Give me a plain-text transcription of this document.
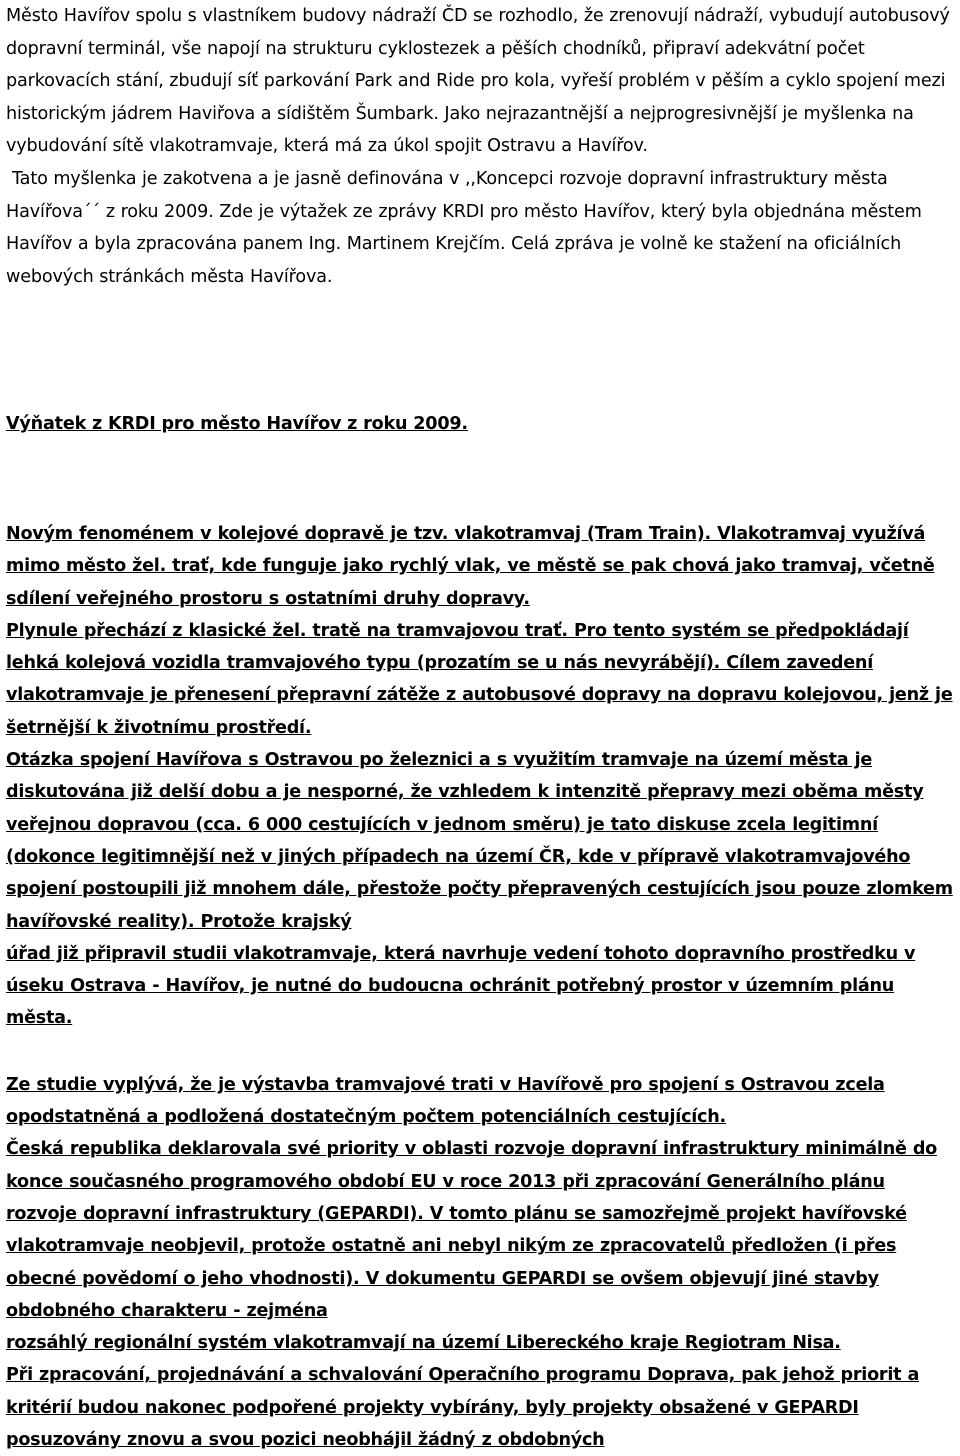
Město Havířov spolu s vlastníkem budovy nádraží ČD se rozhodlo, že zrenovují nádraží, vybudují autobusový dopravní terminál, vše napojí na strukturu cyklostezek a pěších chodníků, připraví adekvátní počet parkovacích stání, zbudují síť parkování Park and Ride pro kola, vyřeší problém v pěším a cyklo spojení mezi historickým jádrem Haviřova a sídištěm Šumbark. Jako nejrazantnější a nejprogresivnější je myšlenka na vybudování sítě vlakotramvaje, která má za úkol spojit Ostravu a Havířov.

Tato myšlenka je zakotvena a je jasně definována v ,,Koncepci rozvoje dopravní infrastruktury města Havířova´´ z roku 2009. Zde je výtažek ze zprávy KRDI pro město Havířov, který byla objednána městem Havířov a byla zpracována panem Ing. Martinem Krejčím. Celá zpráva je volně ke stažení na oficiálních webových stránkách města Havířova.

Výňatek z KRDI pro město Havířov z roku 2009.

Novým fenoménem v kolejové dopravě je tzv. vlakotramvaj (Tram Train). Vlakotramvaj využívá mimo město žel. trať, kde funguje jako rychlý vlak, ve městě se pak chová jako tramvaj, včetně sdílení veřejného prostoru s ostatními druhy dopravy.

Plynule přechází z klasické žel. tratě na tramvajovou trať. Pro tento systém se předpokládají lehká kolejová vozidla tramvajového typu (prozatím se u nás nevyrábějí). Cílem zavedení vlakotramvaje je přenesení přepravní zátěže z autobusové dopravy na dopravu kolejovou, jenž je šetrnější k životnímu prostředí.

Otázka spojení Havířova s Ostravou po železnici a s využitím tramvaje na území města je diskutována již delší dobu a je nesporné, že vzhledem k intenzitě přepravy mezi oběma městy veřejnou dopravou (cca. 6 000 cestujících v jednom směru) je tato diskuse zcela legitimní (dokonce legitimnější než v jiných případech na území ČR, kde v přípravě vlakotramvajového spojení postoupili již mnohem dále, přestože počty přepravených cestujících jsou pouze zlomkem havířovské reality). Protože krajský

úřad již připravil studii vlakotramvaje, která navrhuje vedení tohoto dopravního prostředku v úseku Ostrava - Havířov, je nutné do budoucna ochránit potřebný prostor v územním plánu města.

Ze studie vyplývá, že je výstavba tramvajové trati v Havířově pro spojení s Ostravou zcela opodstatněná a podložená dostatečným počtem potenciálních cestujících.

Česká republika deklarovala své priority v oblasti rozvoje dopravní infrastruktury minimálně do konce současného programového období EU v roce 2013 při zpracování Generálního plánu rozvoje dopravní infrastruktury (GEPARDI). V tomto plánu se samozřejmě projekt havířovské vlakotramvaje neobjevil, protože ostatně ani nebyl nikým ze zpracovatelů předložen (i přes obecné povědomí o jeho vhodnosti). V dokumentu GEPARDI se ovšem objevují jiné stavby obdobného charakteru - zejména

rozsáhlý regionální systém vlakotramvají na území Libereckého kraje Regiotram Nisa.

Při zpracování, projednávání a schvalování Operačního programu Doprava, pak jehož priorit a kritérií budou nakonec podpořené projekty vybírány, byly projekty obsažené v GEPARDI posuzovány znovu a svou pozici neobhájil žádný z obdobných
